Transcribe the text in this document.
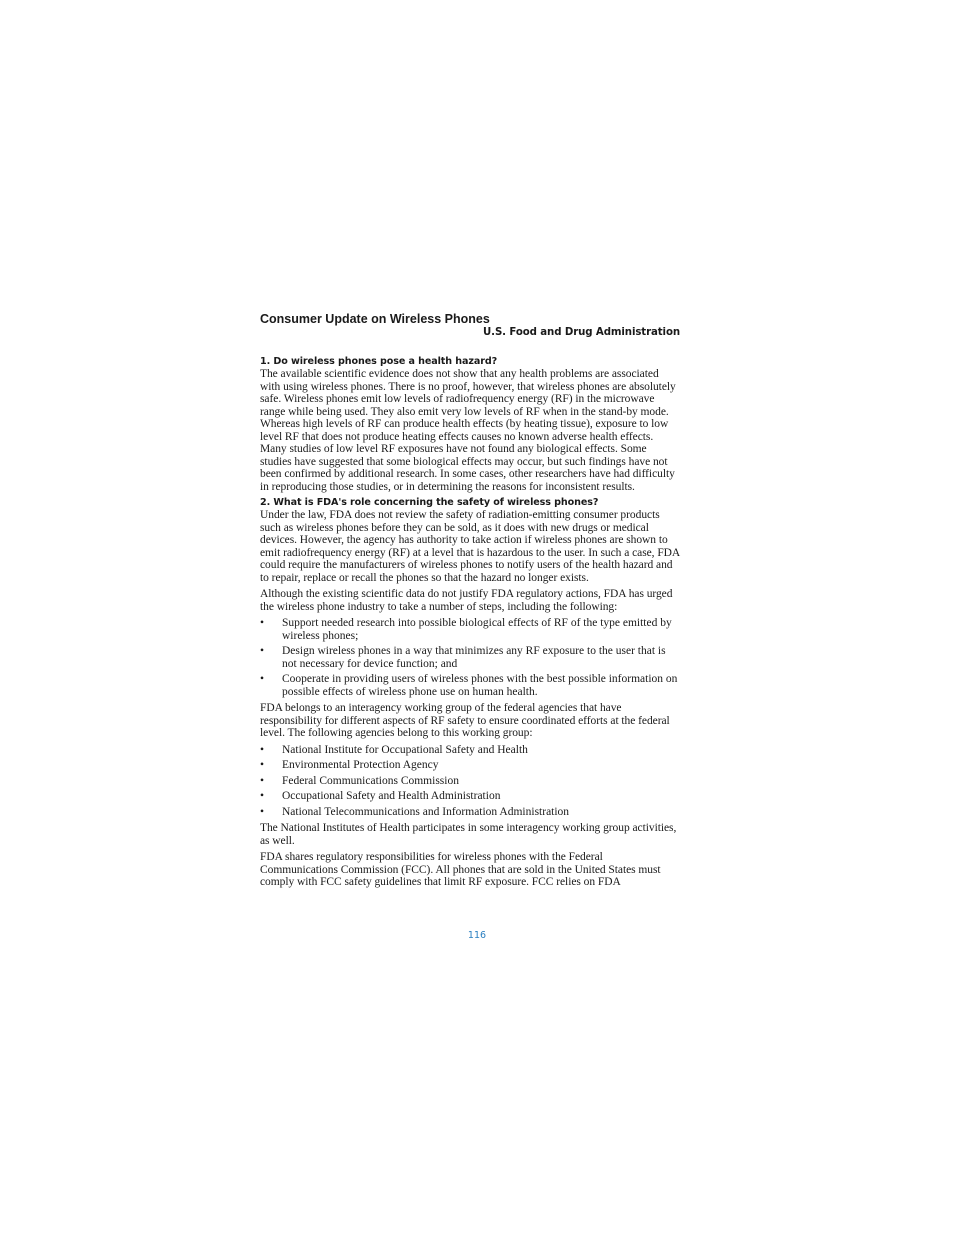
Consumer Update on Wireless Phones

U.S. Food and Drug Administration

1. Do wireless phones pose a health hazard?

The available scientific evidence does not show that any health problems are associated with using wireless phones. There is no proof, however, that wireless phones are absolutely safe. Wireless phones emit low levels of radiofrequency energy (RF) in the microwave range while being used. They also emit very low levels of RF when in the stand-by mode. Whereas high levels of RF can produce health effects (by heating tissue), exposure to low level RF that does not produce heating effects causes no known adverse health effects. Many studies of low level RF exposures have not found any biological effects. Some studies have suggested that some biological effects may occur, but such findings have not been confirmed by additional research. In some cases, other researchers have had difficulty in reproducing those studies, or in determining the reasons for inconsistent results.

2. What is FDA's role concerning the safety of wireless phones?

Under the law, FDA does not review the safety of radiation-emitting consumer products such as wireless phones before they can be sold, as it does with new drugs or medical devices. However, the agency has authority to take action if wireless phones are shown to emit radiofrequency energy (RF) at a level that is hazardous to the user. In such a case, FDA could require the manufacturers of wireless phones to notify users of the health hazard and to repair, replace or recall the phones so that the hazard no longer exists.

Although the existing scientific data do not justify FDA regulatory actions, FDA has urged the wireless phone industry to take a number of steps, including the following:

• Support needed research into possible biological effects of RF of the type emitted by wireless phones;
• Design wireless phones in a way that minimizes any RF exposure to the user that is not necessary for device function; and
• Cooperate in providing users of wireless phones with the best possible information on possible effects of wireless phone use on human health.

FDA belongs to an interagency working group of the federal agencies that have responsibility for different aspects of RF safety to ensure coordinated efforts at the federal level. The following agencies belong to this working group:

• National Institute for Occupational Safety and Health
• Environmental Protection Agency
• Federal Communications Commission
• Occupational Safety and Health Administration
• National Telecommunications and Information Administration

The National Institutes of Health participates in some interagency working group activities, as well.

FDA shares regulatory responsibilities for wireless phones with the Federal Communications Commission (FCC). All phones that are sold in the United States must comply with FCC safety guidelines that limit RF exposure. FCC relies on FDA

116
